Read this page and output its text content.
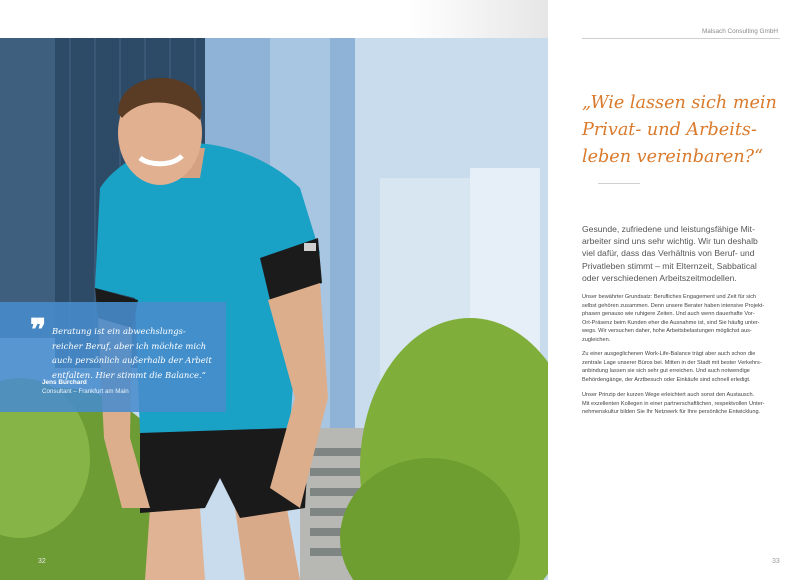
❞ Beratung ist ein abwechslungs-
reicher Beruf, aber ich möchte mich
auch persönlich außerhalb der Arbeit
entfalten. Hier stimmt die Balance.“
Jens Burchard
Consultant – Frankfurt am Main
32
Malsach Consulting GmbH
„Wie lassen sich mein
Privat- und Arbeits-
leben vereinbaren?“
Gesunde, zufriedene und leistungsfähige Mit-
arbeiter sind uns sehr wichtig. Wir tun deshalb
viel dafür, dass das Verhältnis von Beruf- und
Privatleben stimmt – mit Elternzeit, Sabbatical
oder verschiedenen Arbeitszeitmodellen.
Unser bewährter Grundsatz: Berufliches Engagement und Zeit für sich
selbst gehören zusammen. Denn unsere Berater haben intensive Projekt-
phasen genauso wie ruhigere Zeiten. Und auch wenn dauerhafte Vor-
Ort-Präsenz beim Kunden eher die Ausnahme ist, sind Sie häufig unter-
wegs. Wir versuchen daher, hohe Arbeitsbelastungen möglichst aus-
zugleichen.
Zu einer ausgeglichenen Work-Life-Balance trägt aber auch schon die
zentrale Lage unserer Büros bei. Mitten in der Stadt mit bester Verkehrs-
anbindung lassen sie sich sehr gut erreichen. Und auch notwendige
Behördengänge, der Arztbesuch oder Einkäufe sind schnell erledigt.
Unser Prinzip der kurzen Wege erleichtert auch sonst den Austausch.
Mit exzellenten Kollegen in einer partnerschaftlichen, respektvollen Unter-
nehmenskultur bilden Sie Ihr Netzwerk für Ihre persönliche Entwicklung.
33
